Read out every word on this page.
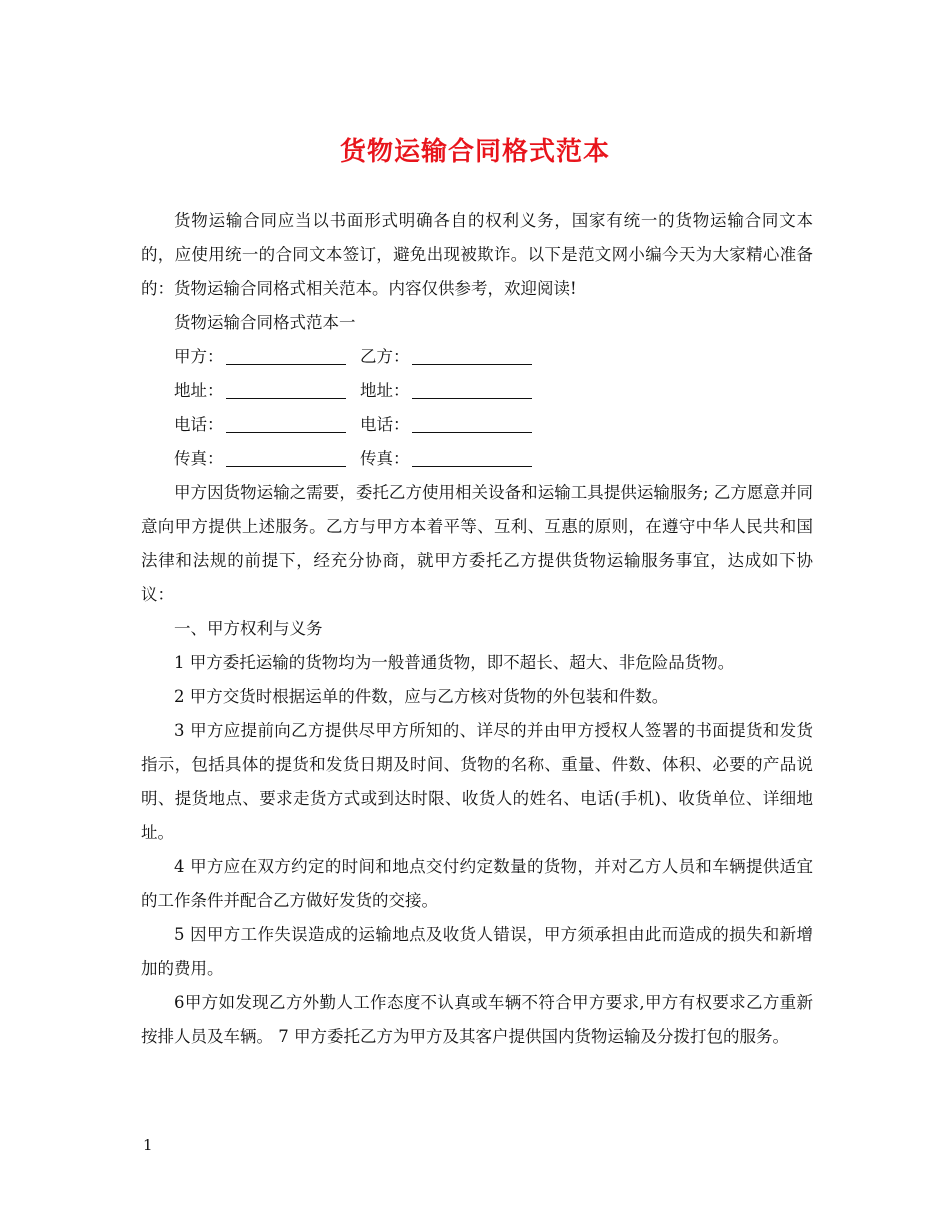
货物运输合同格式范本

货物运输合同应当以书面形式明确各自的权利义务，国家有统一的货物运输合同文本的，应使用统一的合同文本签订，避免出现被欺诈。以下是范文网小编今天为大家精心准备的：货物运输合同格式相关范本。内容仅供参考，欢迎阅读!

货物运输合同格式范本一

甲方：	乙方：

地址：	地址：

电话：	电话：

传真：	传真：

甲方因货物运输之需要，委托乙方使用相关设备和运输工具提供运输服务; 乙方愿意并同意向甲方提供上述服务。乙方与甲方本着平等、互利、互惠的原则，在遵守中华人民共和国法律和法规的前提下，经充分协商，就甲方委托乙方提供货物运输服务事宜，达成如下协议：

一、甲方权利与义务

1 甲方委托运输的货物均为一般普通货物，即不超长、超大、非危险品货物。

2 甲方交货时根据运单的件数，应与乙方核对货物的外包装和件数。

3 甲方应提前向乙方提供尽甲方所知的、详尽的并由甲方授权人签署的书面提货和发货指示，包括具体的提货和发货日期及时间、货物的名称、重量、件数、体积、必要的产品说明、提货地点、要求走货方式或到达时限、收货人的姓名、电话(手机)、收货单位、详细地址。

4 甲方应在双方约定的时间和地点交付约定数量的货物，并对乙方人员和车辆提供适宜的工作条件并配合乙方做好发货的交接。

5 因甲方工作失误造成的运输地点及收货人错误，甲方须承担由此而造成的损失和新增加的费用。

6甲方如发现乙方外勤人工作态度不认真或车辆不符合甲方要求,甲方有权要求乙方重新按排人员及车辆。 7 甲方委托乙方为甲方及其客户提供国内货物运输及分拨打包的服务。

1
